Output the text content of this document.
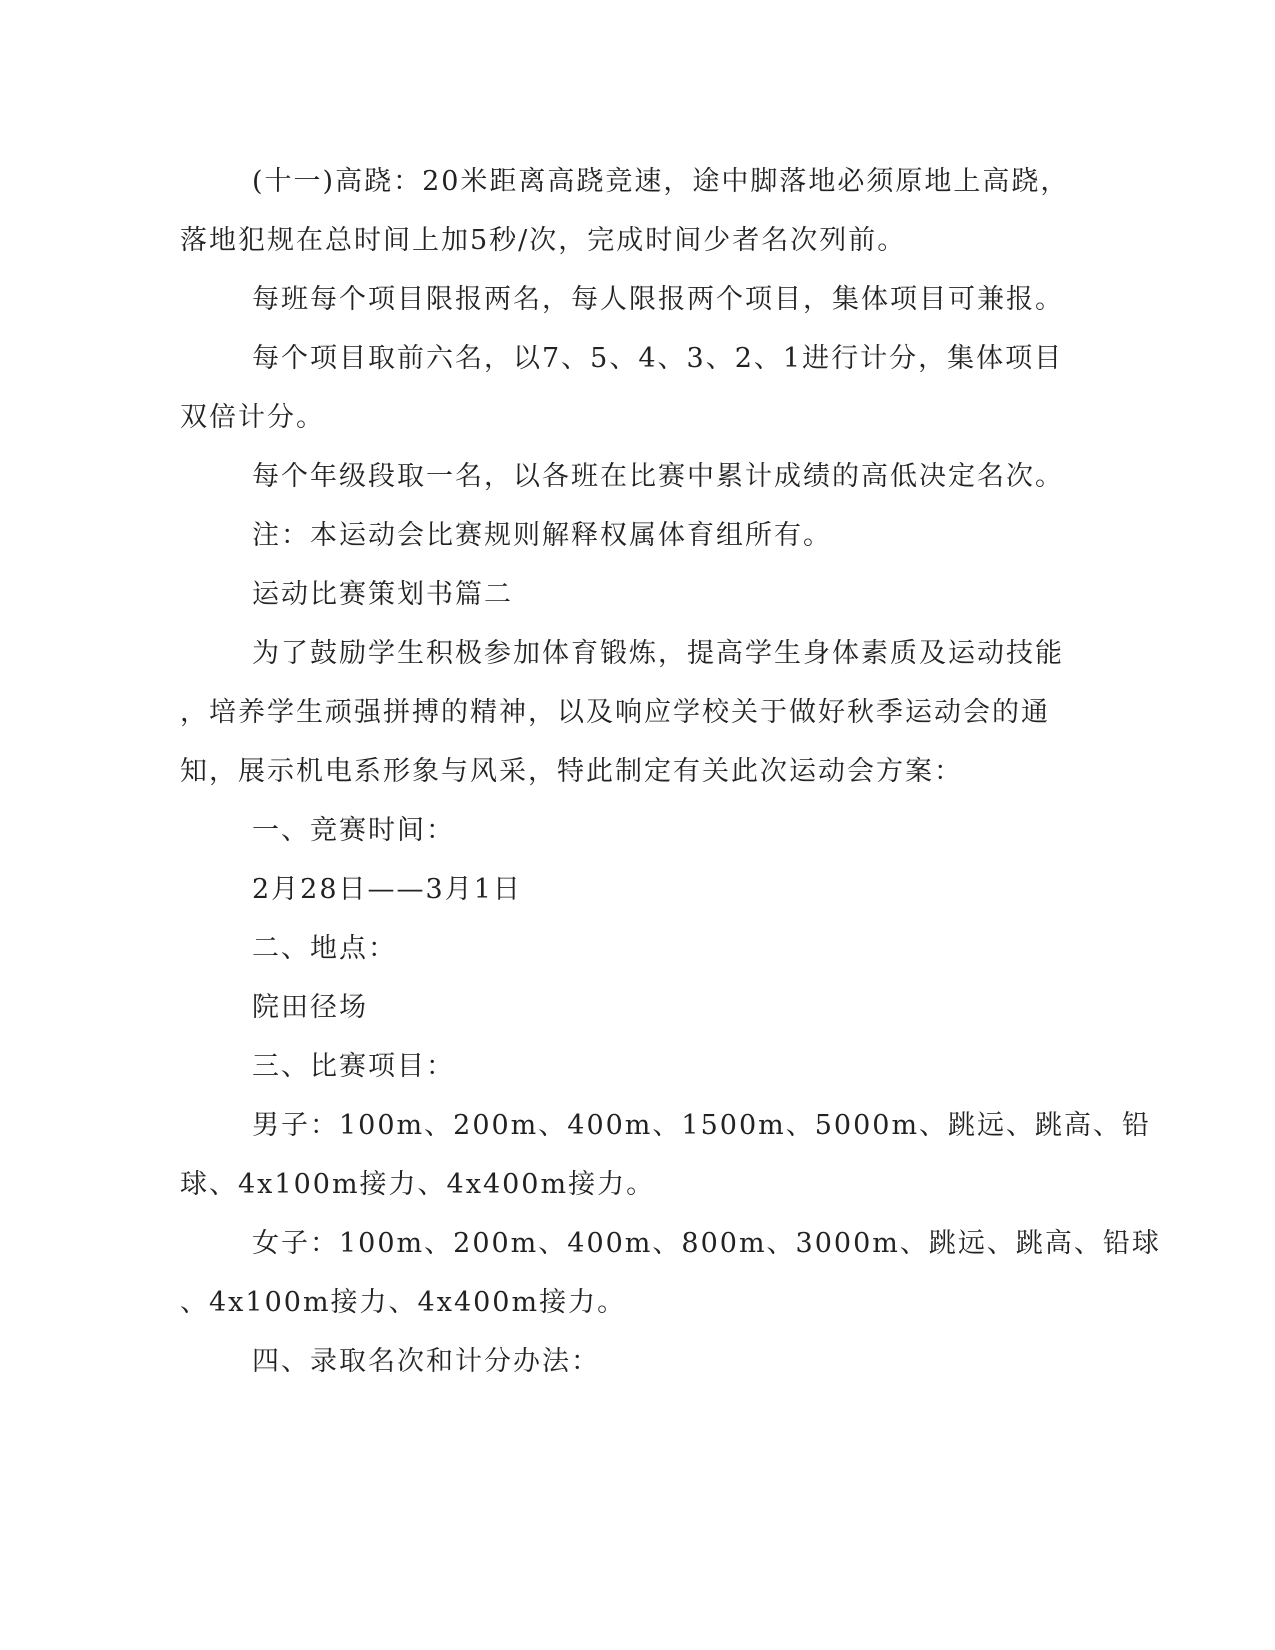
(十一)高跷：20米距离高跷竞速，途中脚落地必须原地上高跷，
落地犯规在总时间上加5秒/次，完成时间少者名次列前。
每班每个项目限报两名，每人限报两个项目，集体项目可兼报。
每个项目取前六名，以7、5、4、3、2、1进行计分，集体项目
双倍计分。
每个年级段取一名，以各班在比赛中累计成绩的高低决定名次。
注：本运动会比赛规则解释权属体育组所有。
运动比赛策划书篇二
为了鼓励学生积极参加体育锻炼，提高学生身体素质及运动技能
，培养学生顽强拼搏的精神，以及响应学校关于做好秋季运动会的通
知，展示机电系形象与风采，特此制定有关此次运动会方案：
一、竞赛时间：
2月28日——3月1日
二、地点：
院田径场
三、比赛项目：
男子：100m、200m、400m、1500m、5000m、跳远、跳高、铅
球、4x100m接力、4x400m接力。
女子：100m、200m、400m、800m、3000m、跳远、跳高、铅球
、4x100m接力、4x400m接力。
四、录取名次和计分办法：
